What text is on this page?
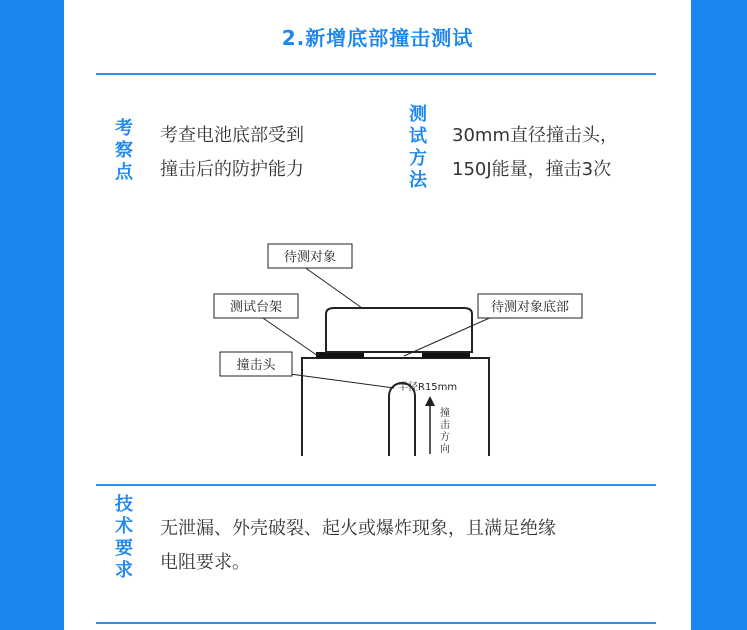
2.新增底部撞击测试
考
察
点
考查电池底部受到
撞击后的防护能力
测
试
方
法
30mm直径撞击头，
150J能量，撞击3次
待测对象
测试台架	待测对象底部
撞击头
半径R15mm
撞
击
方
向
技
术
要
求
无泄漏、外壳破裂、起火或爆炸现象，且满足绝缘
电阻要求。
